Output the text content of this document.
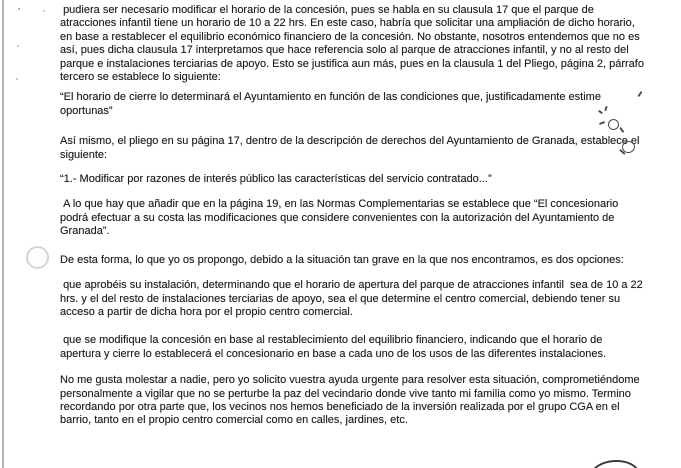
pudiera ser necesario modificar el horario de la concesión, pues se habla en su clausula 17 que el parque de atracciones infantil tiene un horario de 10 a 22 hrs. En este caso, habría que solicitar una ampliación de dicho horario, en base a restablecer el equilibrio económico financiero de la concesión. No obstante, nosotros entendemos que no es así, pues dicha clausula 17 interpretamos que hace referencia solo al parque de atracciones infantil, y no al resto del parque e instalaciones terciarias de apoyo. Esto se justifica aun más, pues en la clausula 1 del Pliego, página 2, párrafo tercero se establece lo siguiente:

“El horario de cierre lo determinará el Ayuntamiento en función de las condiciones que, justificadamente estime oportunas”

Así mismo, el pliego en su página 17, dentro de la descripción de derechos del Ayuntamiento de Granada, establece el siguiente:

“1.- Modificar por razones de interés público las características del servicio contratado...”

A lo que hay que añadir que en la página 19, en las Normas Complementarias se establece que “El concesionario podrá efectuar a su costa las modificaciones que considere convenientes con la autorización del Ayuntamiento de Granada”.

De esta forma, lo que yo os propongo, debido a la situación tan grave en la que nos encontramos, es dos opciones:

que aprobéis su instalación, determinando que el horario de apertura del parque de atracciones infantil  sea de 10 a 22 hrs. y el del resto de instalaciones terciarias de apoyo, sea el que determine el centro comercial, debiendo tener su acceso a partir de dicha hora por el propio centro comercial.

que se modifique la concesión en base al restablecimiento del equilibrio financiero, indicando que el horario de apertura y cierre lo establecerá el concesionario en base a cada uno de los usos de las diferentes instalaciones.

No me gusta molestar a nadie, pero yo solicito vuestra ayuda urgente para resolver esta situación, comprometiéndome personalmente a vigilar que no se perturbe la paz del vecindario donde vive tanto mi familia como yo mismo. Termino recordando por otra parte que, los vecinos nos hemos beneficiado de la inversión realizada por el grupo CGA en el barrio, tanto en el propio centro comercial como en calles, jardines, etc.
